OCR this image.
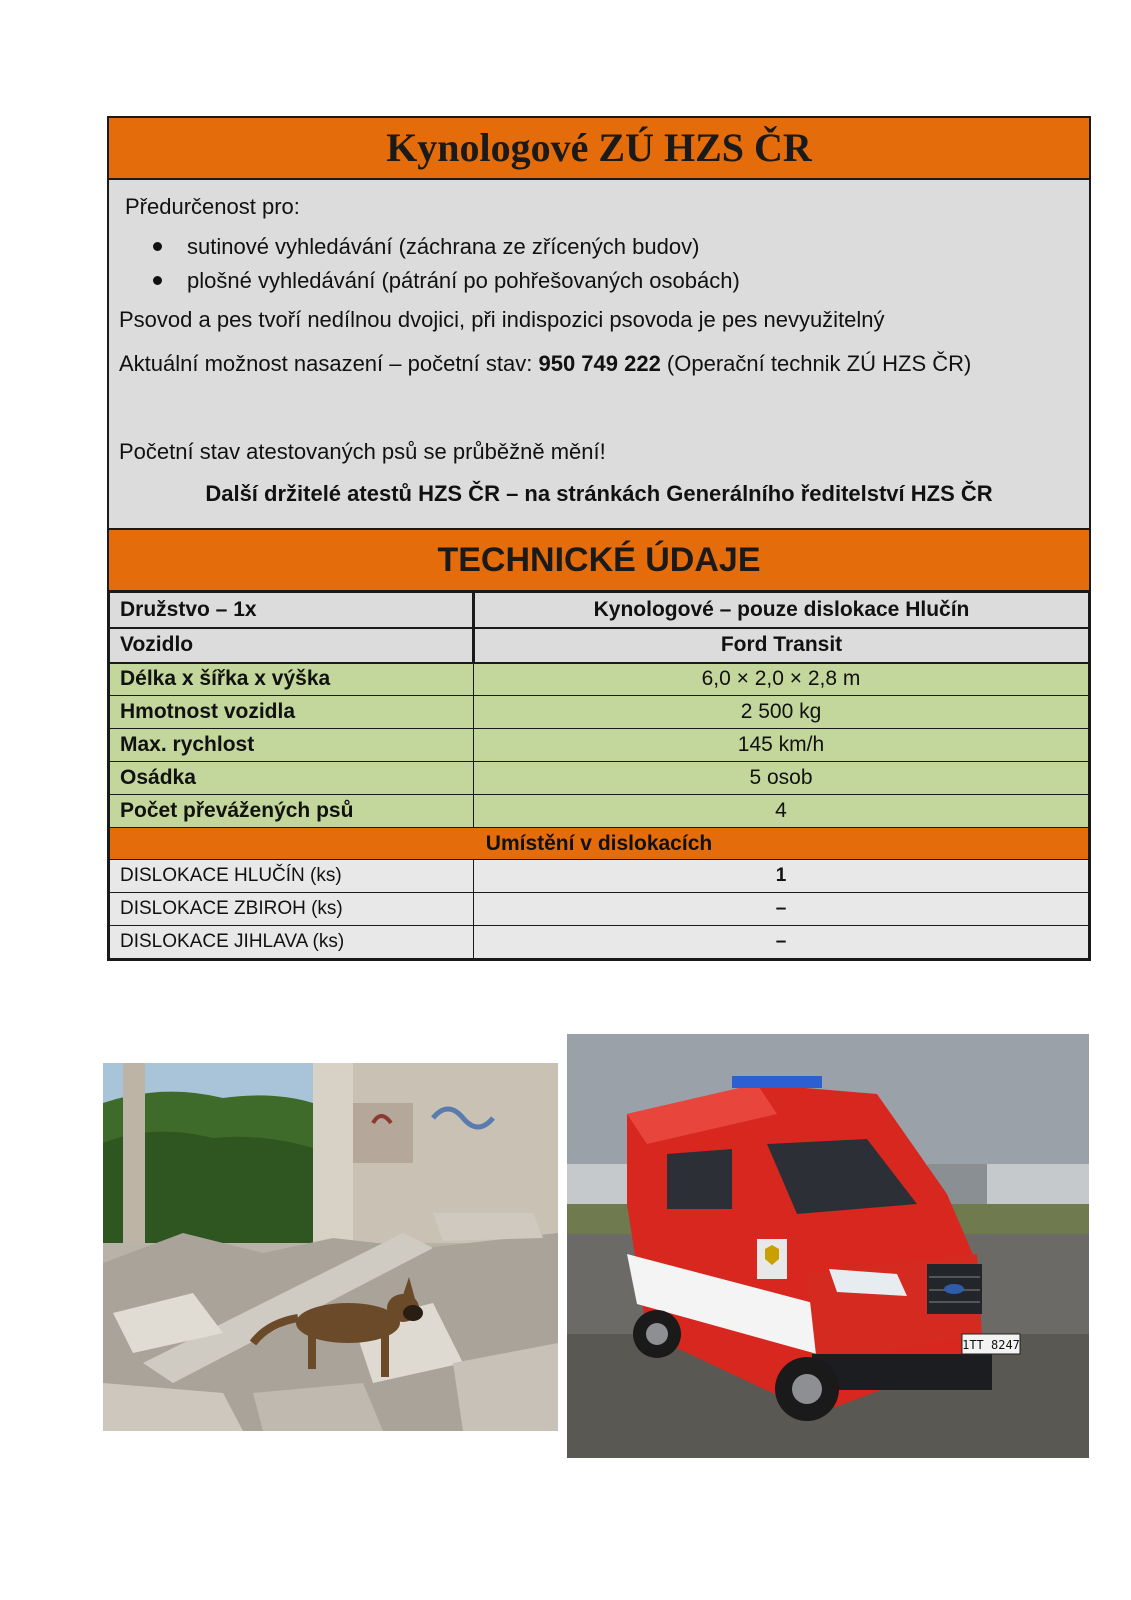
Kynologové ZÚ HZS ČR

Předurčenost pro:

sutinové vyhledávání (záchrana ze zřícených budov)
plošné vyhledávání (pátrání po pohřešovaných osobách)

Psovod a pes tvoří nedílnou dvojici, při indispozici psovoda je pes nevyužitelný

Aktuální možnost nasazení – početní stav: 950 749 222 (Operační technik ZÚ HZS ČR)

Početní stav atestovaných psů se průběžně mění!

Další držitelé atestů HZS ČR – na stránkách Generálního ředitelství HZS ČR

TECHNICKÉ ÚDAJE
Družstvo – 1x	Kynologové – pouze dislokace Hlučín
Vozidlo	Ford Transit
Délka x šířka x výška	6,0 × 2,0 × 2,8 m
Hmotnost vozidla	2 500 kg
Max. rychlost	145 km/h
Osádka	5 osob
Počet převážených psů	4
Umístění v dislokacích	
DISLOKACE HLUČÍN (ks)	1
DISLOKACE ZBIROH (ks)	–
DISLOKACE JIHLAVA (ks)	–
1TT 8247
